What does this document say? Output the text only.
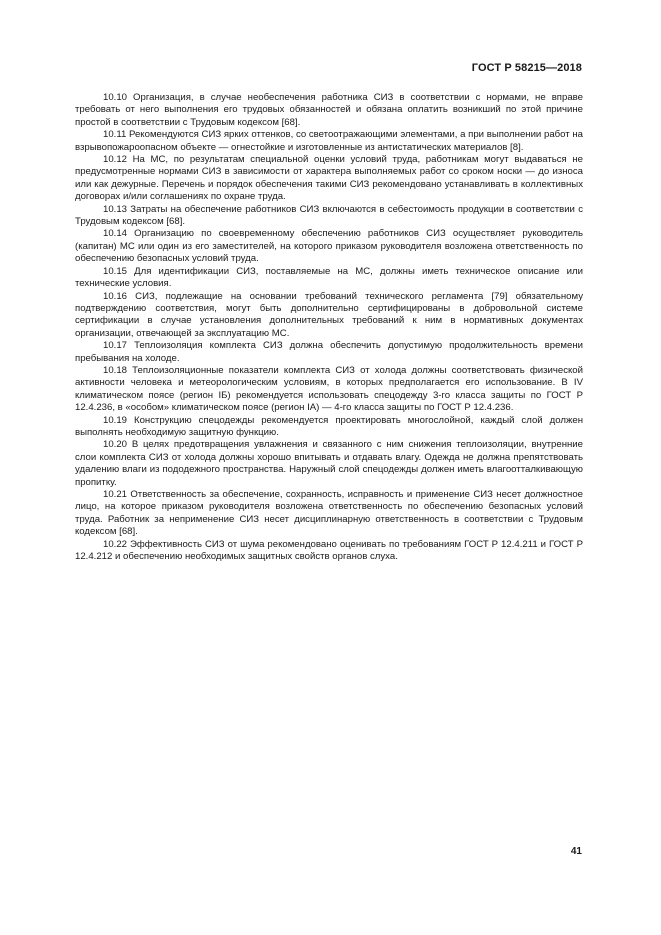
ГОСТ Р 58215—2018

10.10 Организация, в случае необеспечения работника СИЗ в соответствии с нормами, не вправе требовать от него выполнения его трудовых обязанностей и обязана оплатить возникший по этой причине простой в соответствии с Трудовым кодексом [68].

10.11 Рекомендуются СИЗ ярких оттенков, со светоотражающими элементами, а при выполнении работ на взрывопожароопасном объекте — огнестойкие и изготовленные из антистатических материалов [8].

10.12 На МС, по результатам специальной оценки условий труда, работникам могут выдаваться не предусмотренные нормами СИЗ в зависимости от характера выполняемых работ со сроком носки — до износа или как дежурные. Перечень и порядок обеспечения такими СИЗ рекомендовано устанавливать в коллективных договорах и/или соглашениях по охране труда.

10.13 Затраты на обеспечение работников СИЗ включаются в себестоимость продукции в соответствии с Трудовым кодексом [68].

10.14 Организацию по своевременному обеспечению работников СИЗ осуществляет руководитель (капитан) МС или один из его заместителей, на которого приказом руководителя возложена ответственность по обеспечению безопасных условий труда.

10.15 Для идентификации СИЗ, поставляемые на МС, должны иметь техническое описание или технические условия.

10.16 СИЗ, подлежащие на основании требований технического регламента [79] обязательному подтверждению соответствия, могут быть дополнительно сертифицированы в добровольной системе сертификации в случае установления дополнительных требований к ним в нормативных документах организации, отвечающей за эксплуатацию МС.

10.17 Теплоизоляция комплекта СИЗ должна обеспечить допустимую продолжительность времени пребывания на холоде.

10.18 Теплоизоляционные показатели комплекта СИЗ от холода должны соответствовать физической активности человека и метеорологическим условиям, в которых предполагается его использование. В IV климатическом поясе (регион IБ) рекомендуется использовать спецодежду 3-го класса защиты по ГОСТ Р 12.4.236, в «особом» климатическом поясе (регион IА) — 4-го класса защиты по ГОСТ Р 12.4.236.

10.19 Конструкцию спецодежды рекомендуется проектировать многослойной, каждый слой должен выполнять необходимую защитную функцию.

10.20 В целях предотвращения увлажнения и связанного с ним снижения теплоизоляции, внутренние слои комплекта СИЗ от холода должны хорошо впитывать и отдавать влагу. Одежда не должна препятствовать удалению влаги из пододежного пространства. Наружный слой спецодежды должен иметь влагоотталкивающую пропитку.

10.21 Ответственность за обеспечение, сохранность, исправность и применение СИЗ несет должностное лицо, на которое приказом руководителя возложена ответственность по обеспечению безопасных условий труда. Работник за неприменение СИЗ несет дисциплинарную ответственность в соответствии с Трудовым кодексом [68].

10.22 Эффективность СИЗ от шума рекомендовано оценивать по требованиям ГОСТ Р 12.4.211 и ГОСТ Р 12.4.212 и обеспечению необходимых защитных свойств органов слуха.

41
